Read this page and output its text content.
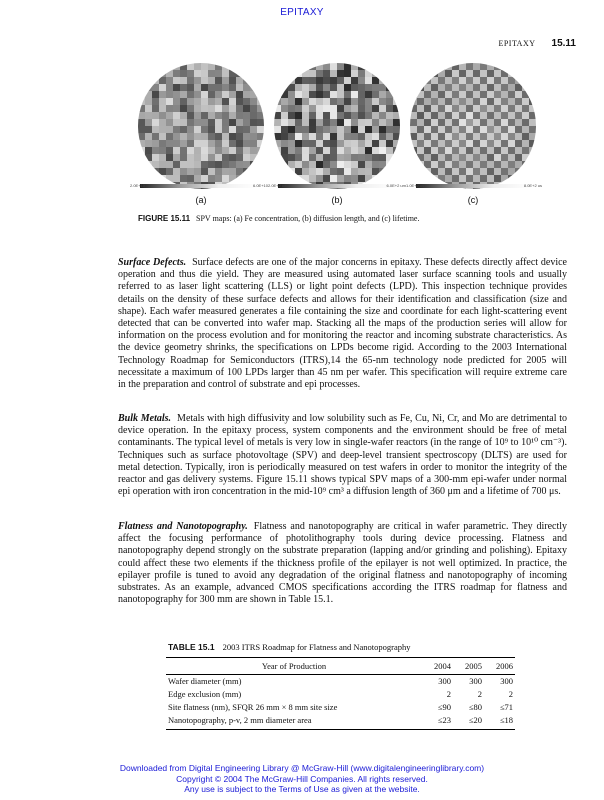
EPITAXY
EPITAXY 15.11
2.0E+10	6.0E+10 2.0E+2 um	6.0E+2 um 1.0E+2 us	8.0E+2 us
(a)	(b)	(c)
FIGURE 15.11 SPV maps: (a) Fe concentration, (b) diffusion length, and (c) lifetime.
Surface Defects. Surface defects are one of the major concerns in epitaxy. These defects directly affect device operation and thus die yield. They are measured using automated laser surface scanning tools and usually referred to as laser light scattering (LLS) or light point defects (LPD). This inspection technique provides details on the density of these surface defects and allows for their identification and classification (size and shape). Each wafer measured generates a file containing the size and coordinate for each light-scattering event detected that can be converted into wafer map. Stacking all the maps of the production series will allow for information on the process evolution and for monitoring the reactor and incoming substrate characteristics. As the device geometry shrinks, the specifications on LPDs become rigid. According to the 2003 International Technology Roadmap for Semiconductors (ITRS),14 the 65-nm technology node predicted for 2005 will necessitate a maximum of 100 LPDs larger than 45 nm per wafer. This specification will require extreme care in the preparation and control of substrate and epi processes.
Bulk Metals. Metals with high diffusivity and low solubility such as Fe, Cu, Ni, Cr, and Mo are detrimental to device operation. In the epitaxy process, system components and the environment should be free of metal contaminants. The typical level of metals is very low in single-wafer reactors (in the range of 10⁹ to 10¹⁰ cm⁻³). Techniques such as surface photovoltage (SPV) and deep-level transient spectroscopy (DLTS) are used for metal detection. Typically, iron is periodically measured on test wafers in order to monitor the integrity of the reactor and gas delivery systems. Figure 15.11 shows typical SPV maps of a 300-mm epi-wafer under normal epi operation with iron concentration in the mid-10⁹ cm³ a diffusion length of 360 μm and a lifetime of 700 μs.
Flatness and Nanotopography. Flatness and nanotopography are critical in wafer parametric. They directly affect the focusing performance of photolithography tools during device processing. Flatness and nanotopography depend strongly on the substrate preparation (lapping and/or grinding and polishing). Epitaxy could affect these two elements if the thickness profile of the epilayer is not well optimized. In practice, the epilayer profile is tuned to avoid any degradation of the original flatness and nanotopography of incoming substrates. As an example, advanced CMOS specifications according the ITRS roadmap for flatness and nanotopography for 300 mm are shown in Table 15.1.
TABLE 15.1 2003 ITRS Roadmap for Flatness and Nanotopography
Year of Production	2004	2005	2006
Wafer diameter (mm)	300	300	300
Edge exclusion (mm)	2	2	2
Site flatness (nm), SFQR 26 mm × 8 mm site size	≤90	≤80	≤71
Nanotopography, p-v, 2 mm diameter area	≤23	≤20	≤18
Downloaded from Digital Engineering Library @ McGraw-Hill (www.digitalengineeringlibrary.com)
Copyright © 2004 The McGraw-Hill Companies. All rights reserved.
Any use is subject to the Terms of Use as given at the website.
